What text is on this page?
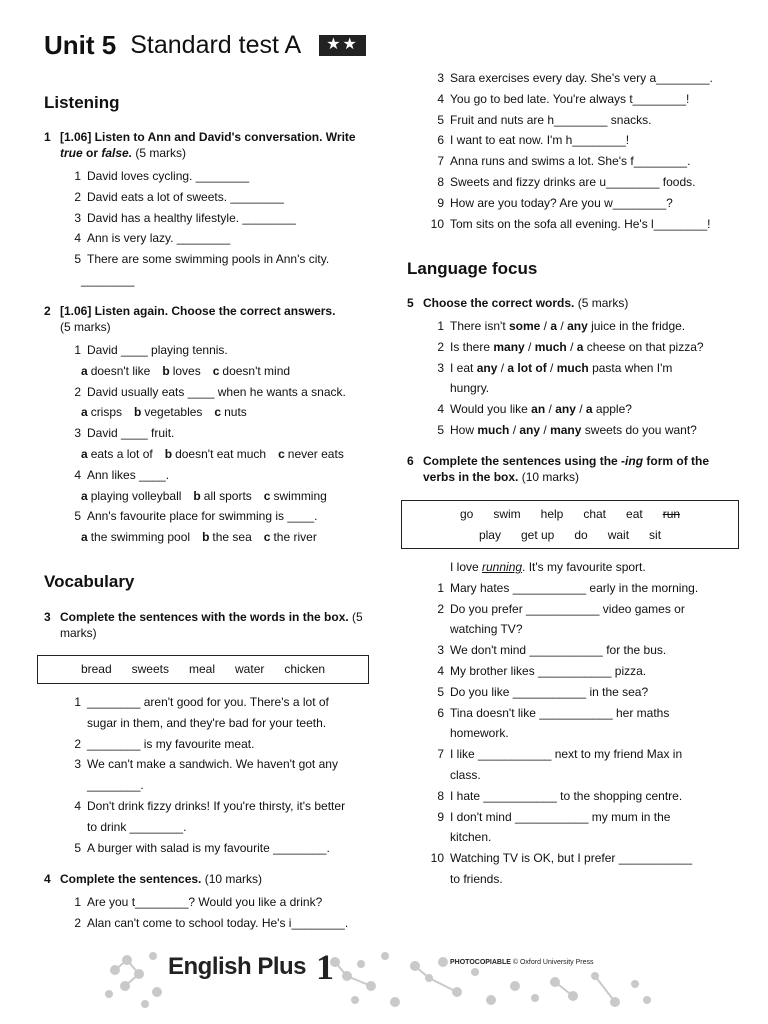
Unit 5 Standard test A	★★
Listening
1 [1.06] Listen to Ann and David's conversation. Write true or false. (5 marks)
1 David loves cycling. ________
2 David eats a lot of sweets. ________
3 David has a healthy lifestyle. ________
4 Ann is very lazy. ________
5 There are some swimming pools in Ann's city.
________
2 [1.06] Listen again. Choose the correct answers.
(5 marks)
1 David ____ playing tennis.
a doesn't like b loves c doesn't mind
2 David usually eats ____ when he wants a snack.
a crisps b vegetables c nuts
3 David ____ fruit.
a eats a lot of b doesn't eat much c never eats
4 Ann likes ____.
a playing volleyball b all sports c swimming
5 Ann's favourite place for swimming is ____.
a the swimming pool b the sea c the river
Vocabulary
3 Complete the sentences with the words in the box. (5 marks)
bread sweets meal water chicken
1 ________ aren't good for you. There's a lot of
sugar in them, and they're bad for your teeth.
2 ________ is my favourite meat.
3 We can't make a sandwich. We haven't got any
________.
4 Don't drink fizzy drinks! If you're thirsty, it's better
to drink ________.
5 A burger with salad is my favourite ________.
4 Complete the sentences. (10 marks)
1 Are you t________? Would you like a drink?
2 Alan can't come to school today. He's i________.
3 Sara exercises every day. She's very a________.
4 You go to bed late. You're always t________!
5 Fruit and nuts are h________ snacks.
6 I want to eat now. I'm h________!
7 Anna runs and swims a lot. She's f________.
8 Sweets and fizzy drinks are u________ foods.
9 How are you today? Are you w________?
10 Tom sits on the sofa all evening. He's l________!
Language focus
5 Choose the correct words. (5 marks)
1 There isn't some / a / any juice in the fridge.
2 Is there many / much / a cheese on that pizza?
3 I eat any / a lot of / much pasta when I'm
hungry.
4 Would you like an / any / a apple?
5 How much / any / many sweets do you want?
6 Complete the sentences using the -ing form of the verbs in the box. (10 marks)
go swim help chat eat run
play get up do wait sit
I love running. It's my favourite sport.
1 Mary hates ___________ early in the morning.
2 Do you prefer ___________ video games or
watching TV?
3 We don't mind ___________ for the bus.
4 My brother likes ___________ pizza.
5 Do you like ___________ in the sea?
6 Tina doesn't like ___________ her maths
homework.
7 I like ___________ next to my friend Max in
class.
8 I hate ___________ to the shopping centre.
9 I don't mind ___________ my mum in the
kitchen.
10 Watching TV is OK, but I prefer ___________
to friends.
English Plus 1	PHOTOCOPIABLE © Oxford University Press
